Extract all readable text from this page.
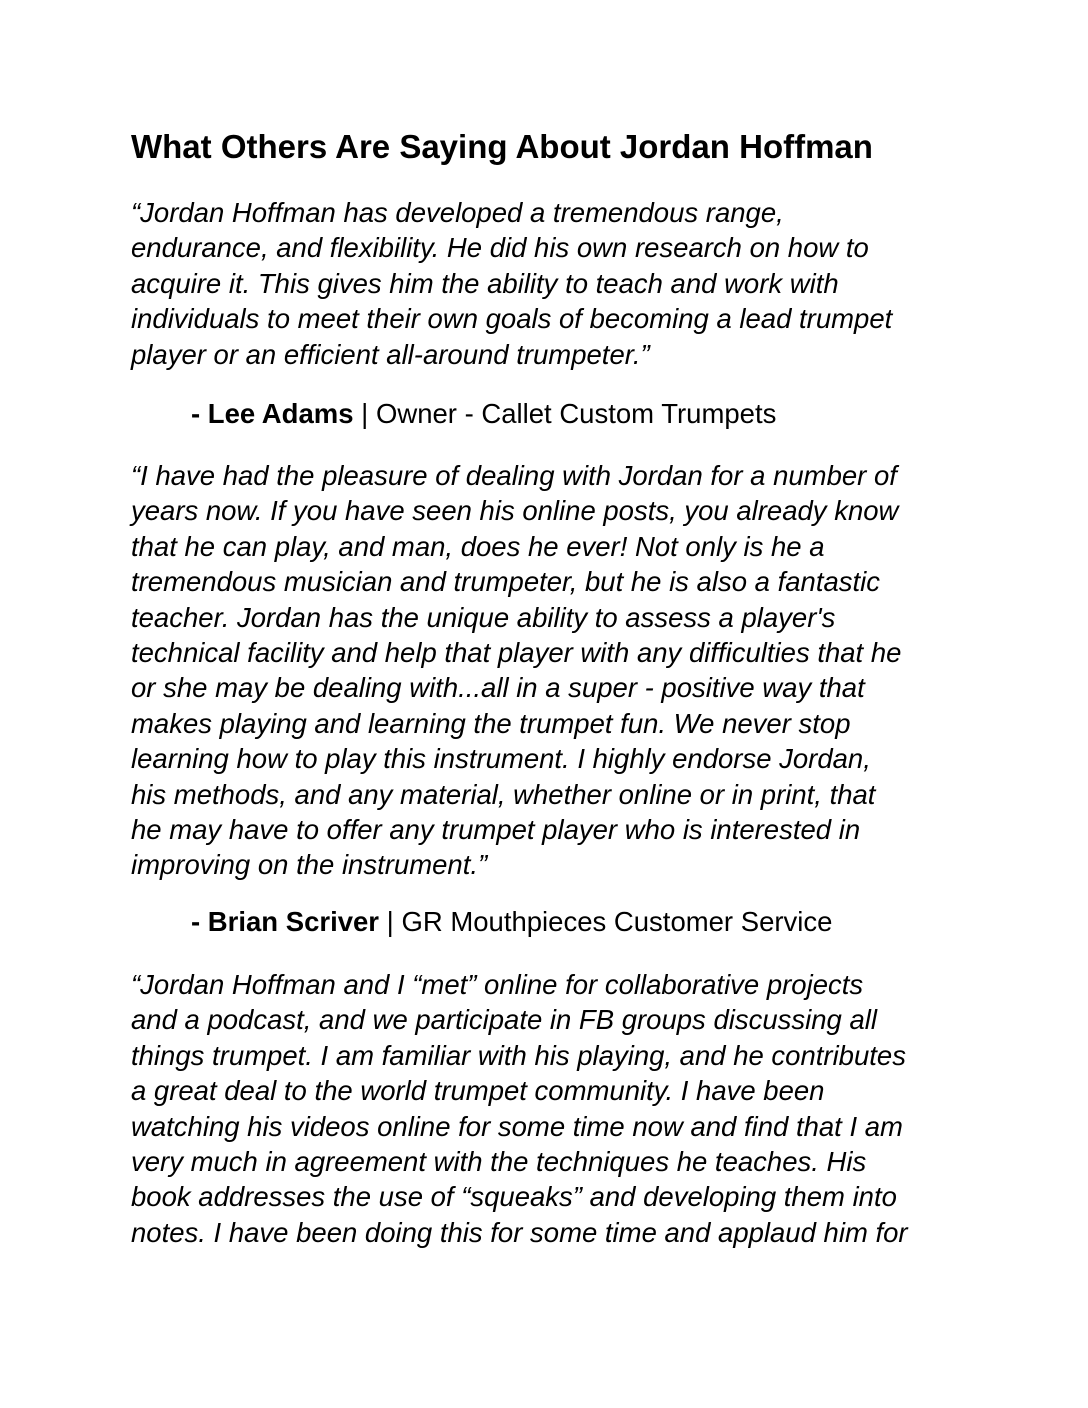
What Others Are Saying About Jordan Hoffman

“Jordan Hoffman has developed a tremendous range,
endurance, and flexibility. He did his own research on how to
acquire it. This gives him the ability to teach and work with
individuals to meet their own goals of becoming a lead trumpet
player or an efficient all-around trumpeter.”

- Lee Adams | Owner - Callet Custom Trumpets

“I have had the pleasure of dealing with Jordan for a number of
years now. If you have seen his online posts, you already know
that he can play, and man, does he ever! Not only is he a
tremendous musician and trumpeter, but he is also a fantastic
teacher. Jordan has the unique ability to assess a player's
technical facility and help that player with any difficulties that he
or she may be dealing with...all in a super - positive way that
makes playing and learning the trumpet fun. We never stop
learning how to play this instrument. I highly endorse Jordan,
his methods, and any material, whether online or in print, that
he may have to offer any trumpet player who is interested in
improving on the instrument.”

- Brian Scriver | GR Mouthpieces Customer Service

“Jordan Hoffman and I “met” online for collaborative projects
and a podcast, and we participate in FB groups discussing all
things trumpet. I am familiar with his playing, and he contributes
a great deal to the world trumpet community. I have been
watching his videos online for some time now and find that I am
very much in agreement with the techniques he teaches. His
book addresses the use of “squeaks” and developing them into
notes. I have been doing this for some time and applaud him for
